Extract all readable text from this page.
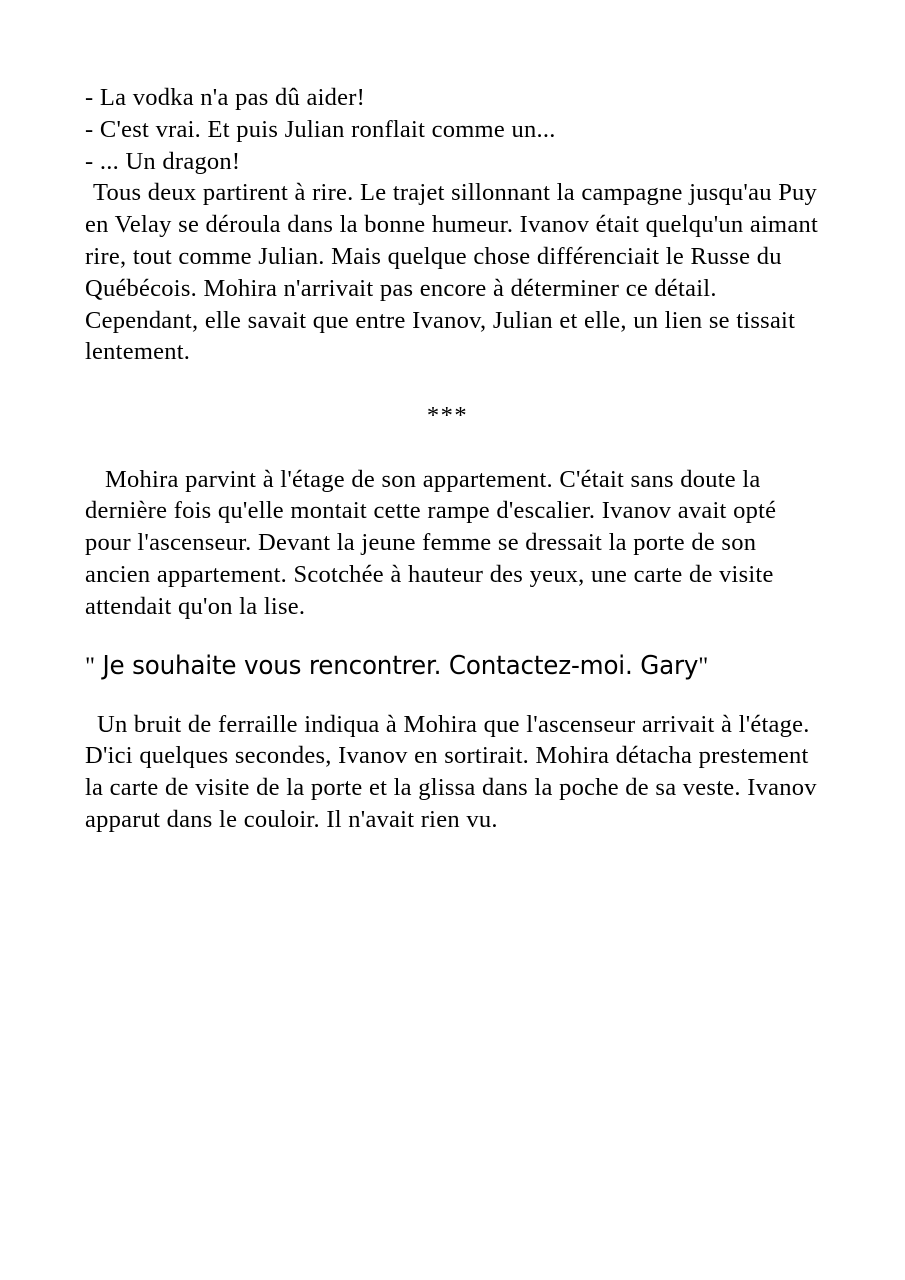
- La vodka n'a pas dû aider!

- C'est vrai. Et puis Julian ronflait comme un...

- ... Un dragon!

Tous deux partirent à rire. Le trajet sillonnant la campagne jusqu'au Puy en Velay se déroula dans la bonne humeur. Ivanov était quelqu'un aimant rire, tout comme Julian. Mais quelque chose différenciait le Russe du Québécois. Mohira n'arrivait pas encore à déterminer ce détail. Cependant, elle savait que entre Ivanov, Julian et elle, un lien se tissait lentement.

***

Mohira parvint à l'étage de son appartement. C'était sans doute la dernière fois qu'elle montait cette rampe d'escalier. Ivanov avait opté pour l'ascenseur. Devant la jeune femme se dressait la porte de son ancien appartement. Scotchée à hauteur des yeux, une carte de visite attendait qu'on la lise.

" Je souhaite vous rencontrer. Contactez-moi. Gary"

Un bruit de ferraille indiqua à Mohira que l'ascenseur arrivait à l'étage. D'ici quelques secondes, Ivanov en sortirait. Mohira détacha prestement la carte de visite de la porte et la glissa dans la poche de sa veste. Ivanov apparut dans le couloir. Il n'avait rien vu.
